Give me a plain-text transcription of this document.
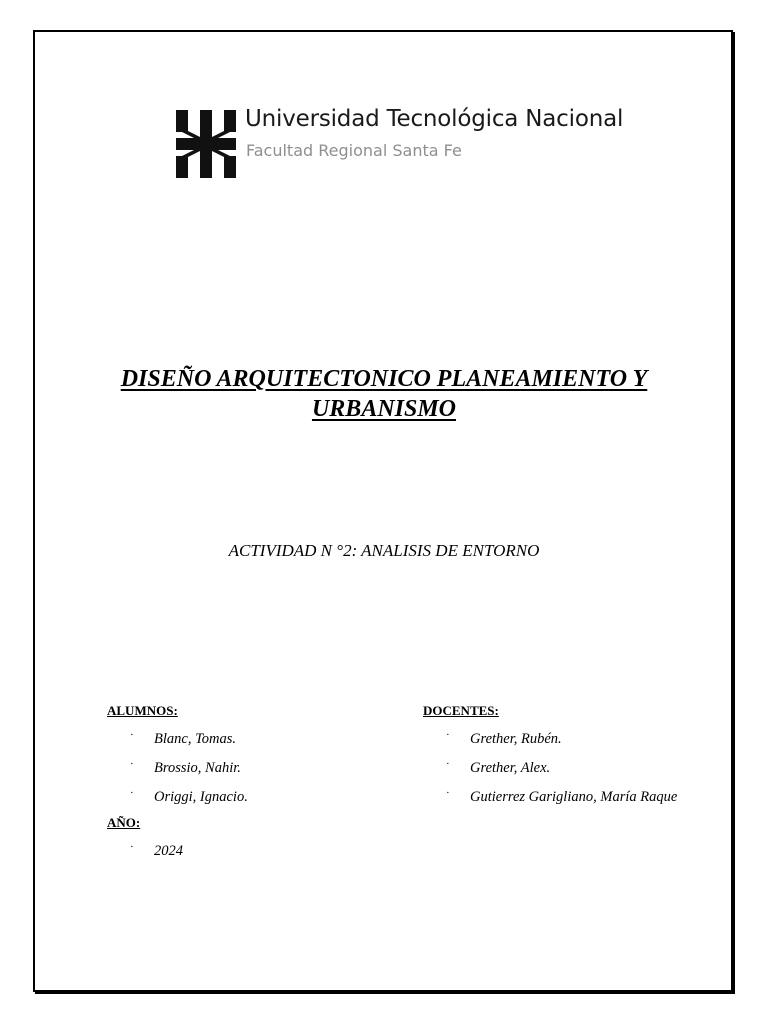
Universidad Tecnológica Nacional
Facultad Regional Santa Fe
DISEÑO ARQUITECTONICO PLANEAMIENTO Y
URBANISMO
ACTIVIDAD N °2: ANALISIS DE ENTORNO
ALUMNOS:
· Blanc, Tomas.
· Brossio, Nahir.
· Origgi, Ignacio.
AÑO:
· 2024
DOCENTES:
· Grether, Rubén.
· Grether, Alex.
· Gutierrez Garigliano, María Raque
